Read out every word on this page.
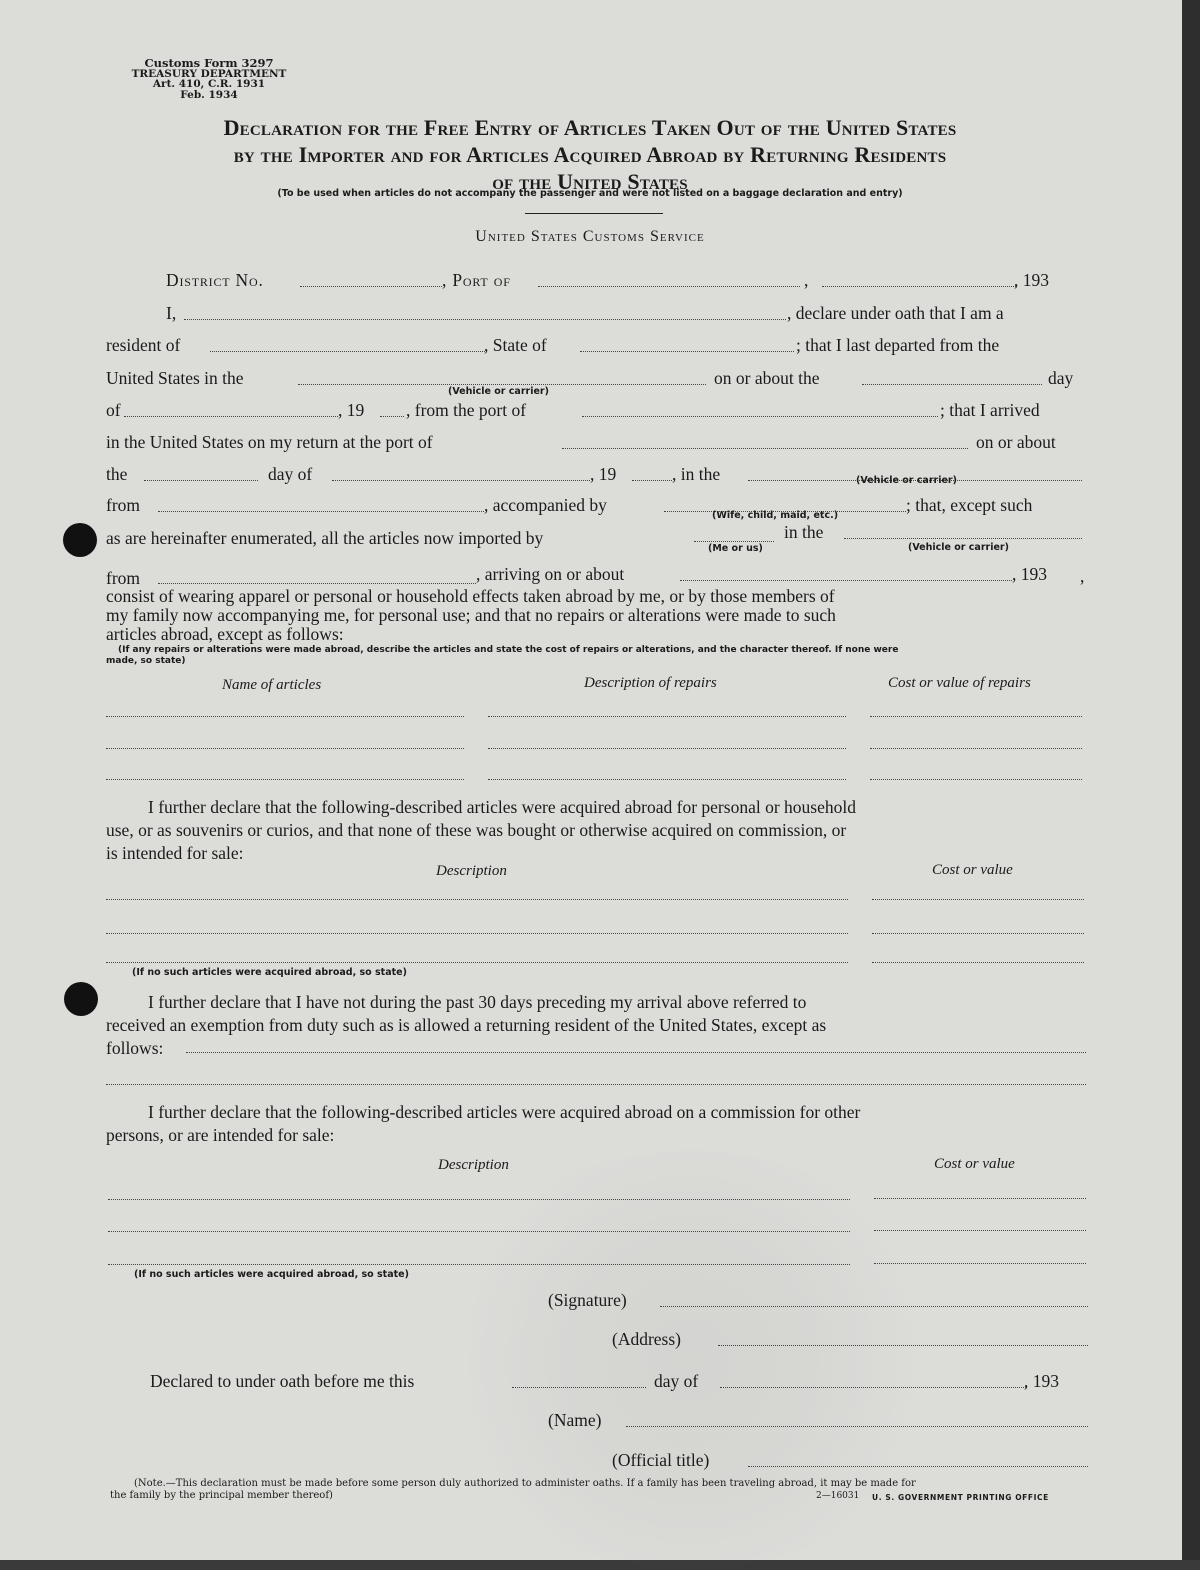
Customs Form 3297
TREASURY DEPARTMENT
Art. 410, C.R. 1931
Feb. 1934
Declaration for the Free Entry of Articles Taken Out of the United States
by the Importer and for Articles Acquired Abroad by Returning Residents
of the United States
(To be used when articles do not accompany the passenger and were not listed on a baggage declaration and entry)
United States Customs Service
District No.	, Port of	,	, 193
I,	, declare under oath that I am a
resident of	, State of	; that I last departed from the
United States in the
(Vehicle or carrier)
on or about the	day
of	, 19 , from the port of	; that I arrived
in the United States on my return at the port of	on or about
the	day of	, 19	, in the	(Vehicle or carrier)
from	, accompanied by
(Wife, child, maid, etc.)
; that, except such
as are hereinafter enumerated, all the articles now imported by
(Me or us)
in the
(Vehicle or carrier)
from	, arriving on or about	, 193 ,
consist of wearing apparel or personal or household effects taken abroad by me, or by those members of
my family now accompanying me, for personal use; and that no repairs or alterations were made to such
articles abroad, except as follows:
(If any repairs or alterations were made abroad, describe the articles and state the cost of repairs or alterations, and the character thereof. If none were
made, so state)
Name of articles	Description of repairs	Cost or value of repairs
I further declare that the following-described articles were acquired abroad for personal or household
use, or as souvenirs or curios, and that none of these was bought or otherwise acquired on commission, or
is intended for sale:
Description	Cost or value
(If no such articles were acquired abroad, so state)
I further declare that I have not during the past 30 days preceding my arrival above referred to
received an exemption from duty such as is allowed a returning resident of the United States, except as
follows:
I further declare that the following-described articles were acquired abroad on a commission for other
persons, or are intended for sale:
Description	Cost or value
(If no such articles were acquired abroad, so state)
(Signature)
(Address)
Declared to under oath before me this	day of	, 193
(Name)
(Official title)
(Note.—This declaration must be made before some person duly authorized to administer oaths. If a family has been traveling abroad, it may be made for
the family by the principal member thereof)	2—16031 U. S. GOVERNMENT PRINTING OFFICE
